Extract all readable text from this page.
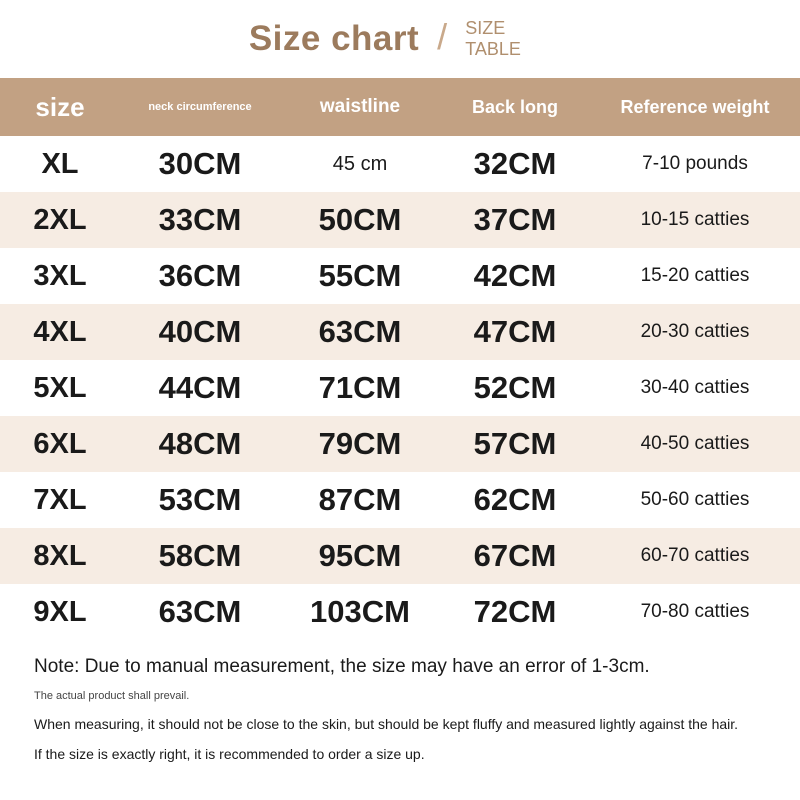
Size chart / SIZE TABLE
size	neck circumference	waistline	Back long	Reference weight
XL	30CM	45 cm	32CM	7-10 pounds
2XL	33CM	50CM	37CM	10-15 catties
3XL	36CM	55CM	42CM	15-20 catties
4XL	40CM	63CM	47CM	20-30 catties
5XL	44CM	71CM	52CM	30-40 catties
6XL	48CM	79CM	57CM	40-50 catties
7XL	53CM	87CM	62CM	50-60 catties
8XL	58CM	95CM	67CM	60-70 catties
9XL	63CM	103CM	72CM	70-80 catties
Note: Due to manual measurement, the size may have an error of 1-3cm.
The actual product shall prevail.
When measuring, it should not be close to the skin, but should be kept fluffy and measured lightly against the hair.
If the size is exactly right, it is recommended to order a size up.
